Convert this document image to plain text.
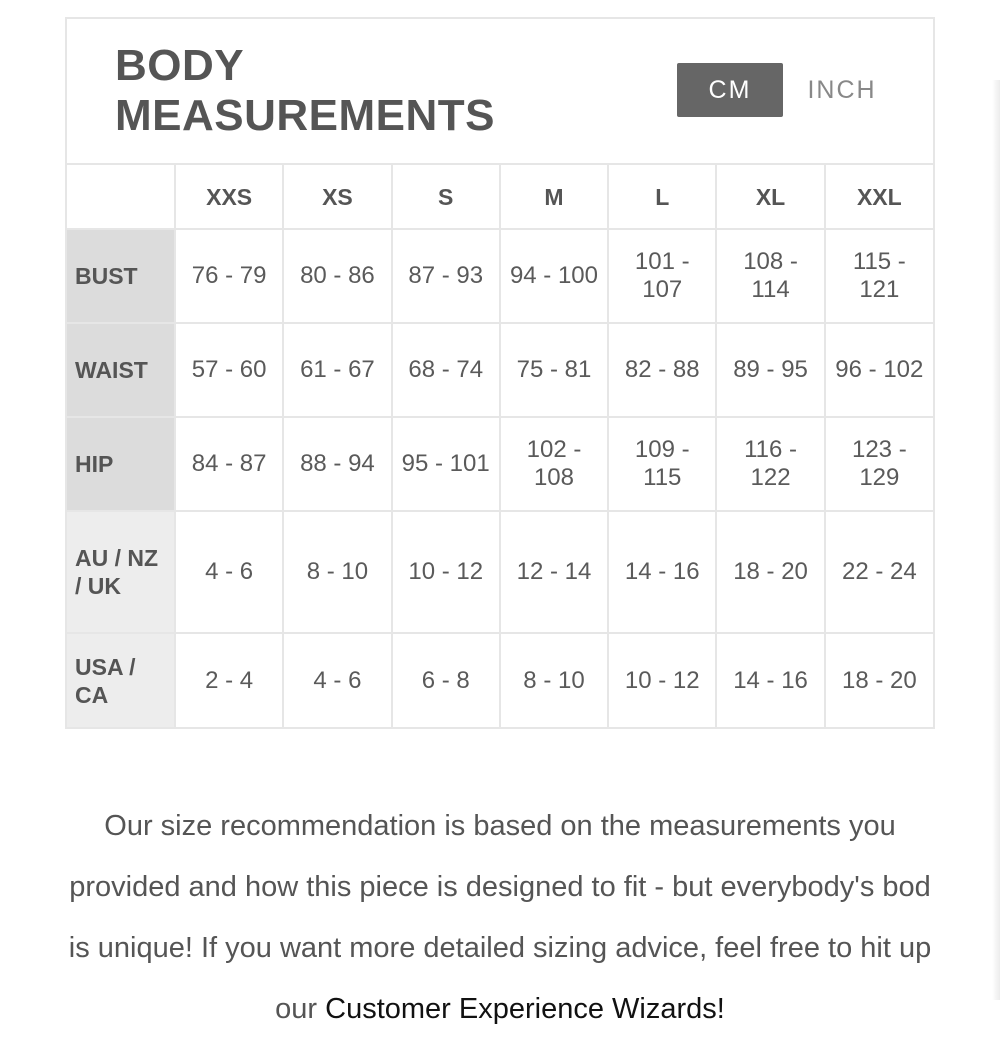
BODY
MEASUREMENTS
CM	INCH
	XXS	XS	S	M	L	XL	XXL
BUST	76 - 79	80 - 86	87 - 93	94 - 100	101 - 107	108 - 114	115 - 121
WAIST	57 - 60	61 - 67	68 - 74	75 - 81	82 - 88	89 - 95	96 - 102
HIP	84 - 87	88 - 94	95 - 101	102 - 108	109 - 115	116 - 122	123 - 129
AU / NZ / UK	4 - 6	8 - 10	10 - 12	12 - 14	14 - 16	18 - 20	22 - 24
USA / CA	2 - 4	4 - 6	6 - 8	8 - 10	10 - 12	14 - 16	18 - 20

Our size recommendation is based on the measurements you provided and how this piece is designed to fit - but everybody's bod is unique! If you want more detailed sizing advice, feel free to hit up our Customer Experience Wizards!
